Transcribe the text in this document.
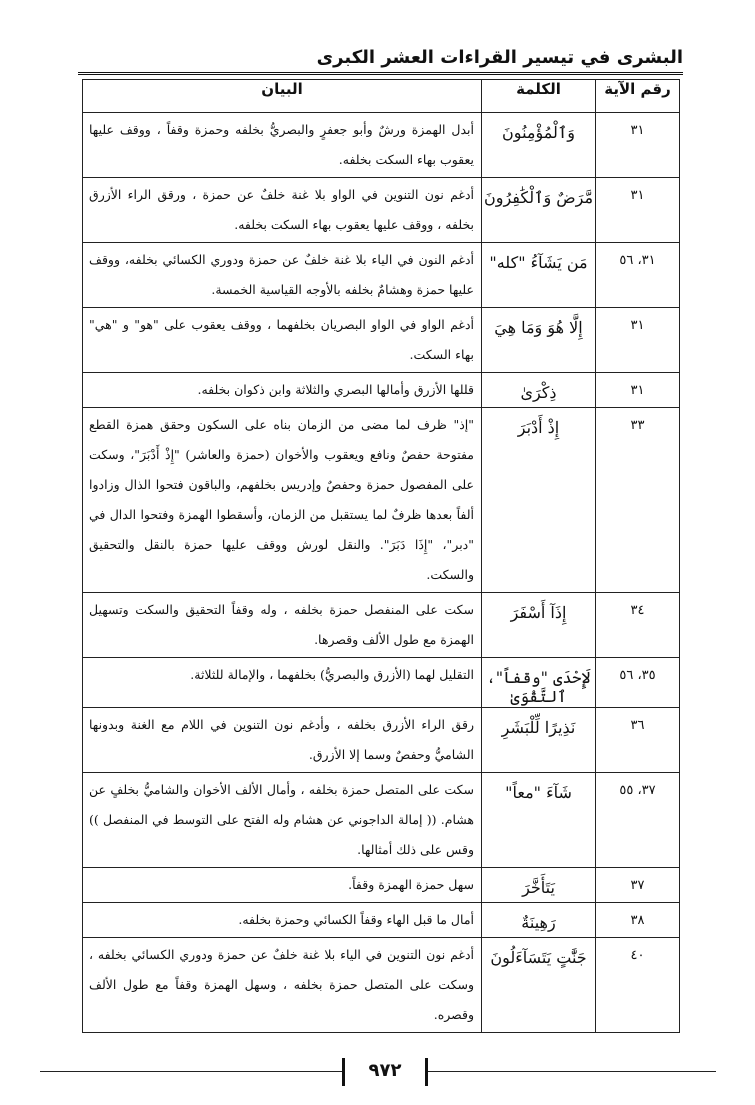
البشرى في تيسير القراءات العشر الكبرى
رقم الآية	الكلمة	البيان
٣١	وَٱلْمُؤْمِنُونَ	أبدل الهمزة ورشٌ وأبو جعفرٍ والبصريُّ بخلفه وحمزة وقفاً ، ووقف عليها يعقوب بهاء السكت بخلفه.
٣١	مَّرَضٌ وَٱلْكَٰفِرُونَ	أدغم نون التنوين في الواو بلا غنة خلفٌ عن حمزة ، ورقق الراء الأزرق بخلفه ، ووقف عليها يعقوب بهاء السكت بخلفه.
٣١، ٥٦	مَن يَشَآءُ "كله"	أدغم النون في الياء بلا غنة خلفٌ عن حمزة ودوري الكسائي بخلفه، ووقف عليها حمزة وهشامٌ بخلفه بالأوجه القياسية الخمسة.
٣١	إِلَّا هُوَ وَمَا هِيَ	أدغم الواو في الواو البصريان بخلفهما ، ووقف يعقوب على "هو" و "هي" بهاء السكت.
٣١	ذِكْرَىٰ	قللها الأزرق وأمالها البصري والثلاثة وابن ذكوان بخلفه.
٣٣	إِذْ أَدْبَرَ	"إذ" ظرف لما مضى من الزمان بناه على السكون وحقق همزة القطع مفتوحة حفصٌ ونافع ويعقوب والأخوان (حمزة والعاشر) "إِذْ أَدْبَرَ"، وسكت على المفصول حمزة وحفصٌ وإدريس بخلفهم، والباقون فتحوا الذال وزادوا ألفاً بعدها ظرفٌ لما يستقبل من الزمان، وأسقطوا الهمزة وفتحوا الدال في "دبر"، "إِذَا دَبَرَ". والنقل لورش ووقف عليها حمزة بالنقل والتحقيق والسكت.
٣٤	إِذَآ أَسْفَرَ	سكت على المنفصل حمزة بخلفه ، وله وقفاً التحقيق والسكت وتسهيل الهمزة مع طول الألف وقصرها.
٣٥، ٥٦	لَإِحْدَى "وقفاً"، ٱلتَّقْوَىٰ	التقليل لهما (الأزرق والبصريُّ) بخلفهما ، والإمالة للثلاثة.
٣٦	نَذِيرًا لِّلْبَشَرِ	رقق الراء الأزرق بخلفه ، وأدغم نون التنوين في اللام مع الغنة وبدونها الشاميُّ وحفصٌ وسما إلا الأزرق.
٣٧، ٥٥	شَآءَ "معاً"	سكت على المتصل حمزة بخلفه ، وأمال الألف الأخوان والشاميُّ بخلفٍ عن هشام. (( إمالة الداجوني عن هشام وله الفتح على التوسط في المنفصل )) وقس على ذلك أمثالها.
٣٧	يَتَأَخَّرَ	سهل حمزة الهمزة وقفاً.
٣٨	رَهِينَةٌ	أمال ما قبل الهاء وقفاً الكسائي وحمزة بخلفه.
٤٠	جَنَّٰتٍ يَتَسَآءَلُونَ	أدغم نون التنوين في الياء بلا غنة خلفٌ عن حمزة ودوري الكسائي بخلفه ، وسكت على المتصل حمزة بخلفه ، وسهل الهمزة وقفاً مع طول الألف وقصره.
٩٧٢
